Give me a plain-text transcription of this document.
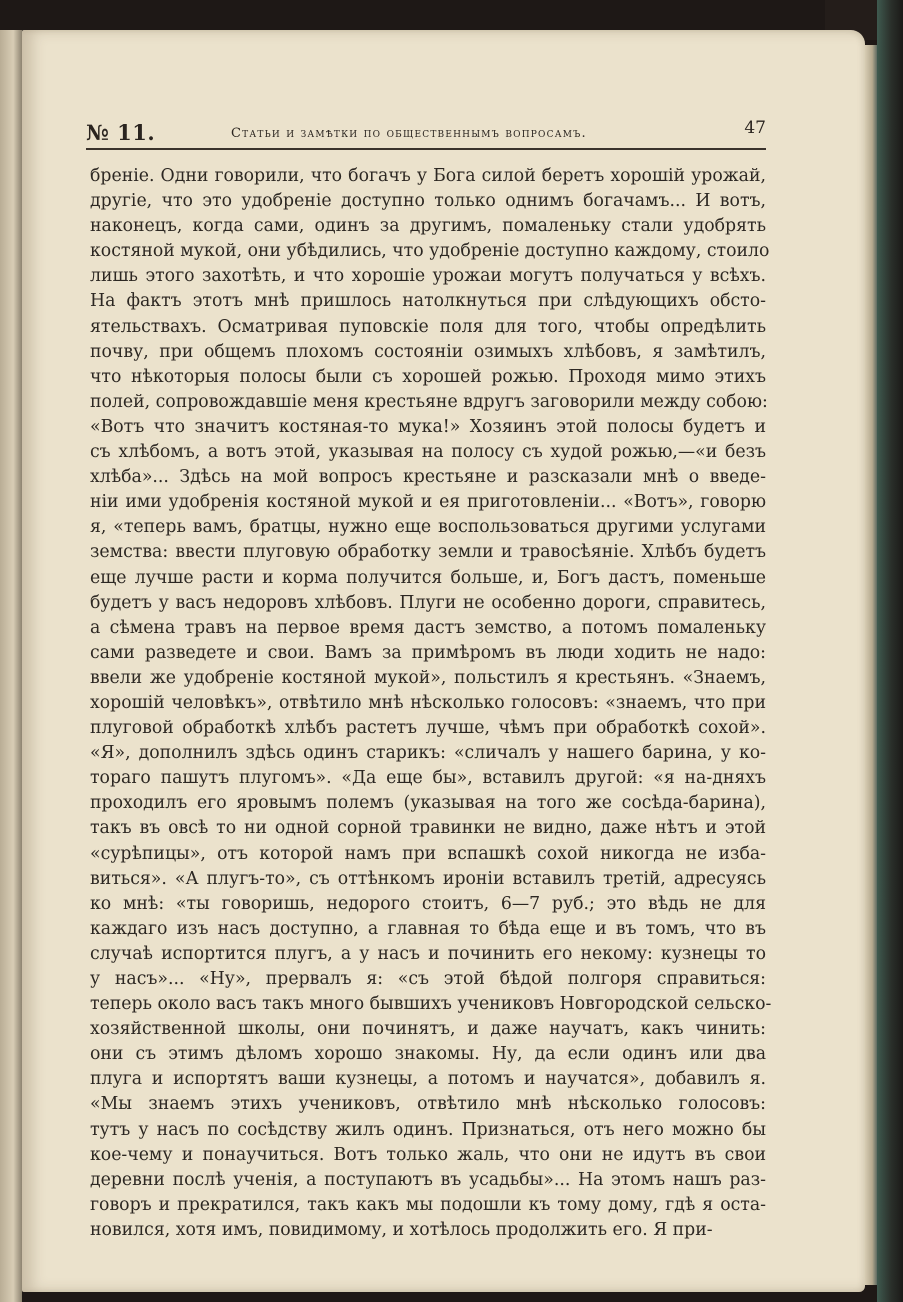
№ 11.	Статьи и замѣтки по общественнымъ вопросамъ.	47
бреніе. Одни говорили, что богачъ у Бога силой беретъ хорошій урожай,
другіе, что это удобреніе доступно только однимъ богачамъ... И вотъ,
наконецъ, когда сами, одинъ за другимъ, помаленьку стали удобрять
костяной мукой, они убѣдились, что удобреніе доступно каждому, стоило
лишь этого захотѣть, и что хорошіе урожаи могутъ получаться у всѣхъ.
На фактъ этотъ мнѣ пришлось натолкнуться при слѣдующихъ обсто-
ятельствахъ. Осматривая пуповскіе поля для того, чтобы опредѣлить
почву, при общемъ плохомъ состояніи озимыхъ хлѣбовъ, я замѣтилъ,
что нѣкоторыя полосы были съ хорошей рожью. Проходя мимо этихъ
полей, сопровождавшіе меня крестьяне вдругъ заговорили между собою:
«Вотъ что значитъ костяная-то мука!» Хозяинъ этой полосы будетъ и
съ хлѣбомъ, а вотъ этой, указывая на полосу съ худой рожью,—«и безъ
хлѣба»... Здѣсь на мой вопросъ крестьяне и разсказали мнѣ о введе-
ніи ими удобренія костяной мукой и ея приготовленіи... «Вотъ», говорю
я, «теперь вамъ, братцы, нужно еще воспользоваться другими услугами
земства: ввести плуговую обработку земли и травосѣяніе. Хлѣбъ будетъ
еще лучше расти и корма получится больше, и, Богъ дастъ, поменьше
будетъ у васъ недоровъ хлѣбовъ. Плуги не особенно дороги, справитесь,
а сѣмена травъ на первое время дастъ земство, а потомъ помаленьку
сами разведете и свои. Вамъ за примѣромъ въ люди ходить не надо:
ввели же удобреніе костяной мукой», польстилъ я крестьянъ. «Знаемъ,
хорошій человѣкъ», отвѣтило мнѣ нѣсколько голосовъ: «знаемъ, что при
плуговой обработкѣ хлѣбъ растетъ лучше, чѣмъ при обработкѣ сохой».
«Я», дополнилъ здѣсь одинъ старикъ: «сличалъ у нашего барина, у ко-
тораго пашутъ плугомъ». «Да еще бы», вставилъ другой: «я на-дняхъ
проходилъ его яровымъ полемъ (указывая на того же сосѣда-барина),
такъ въ овсѣ то ни одной сорной травинки не видно, даже нѣтъ и этой
«сурѣпицы», отъ которой намъ при вспашкѣ сохой никогда не изба-
виться». «А плугъ-то», съ оттѣнкомъ ироніи вставилъ третій, адресуясь
ко мнѣ: «ты говоришь, недорого стоитъ, 6—7 руб.; это вѣдь не для
каждаго изъ насъ доступно, а главная то бѣда еще и въ томъ, что въ
случаѣ испортится плугъ, а у насъ и починить его некому: кузнецы то
у насъ»... «Ну», прервалъ я: «съ этой бѣдой полгоря справиться:
теперь около васъ такъ много бывшихъ учениковъ Новгородской сельско-
хозяйственной школы, они починятъ, и даже научатъ, какъ чинить:
они съ этимъ дѣломъ хорошо знакомы. Ну, да если одинъ или два
плуга и испортятъ ваши кузнецы, а потомъ и научатся», добавилъ я.
«Мы знаемъ этихъ учениковъ, отвѣтило мнѣ нѣсколько голосовъ:
тутъ у насъ по сосѣдству жилъ одинъ. Признаться, отъ него можно бы
кое-чему и понаучиться. Вотъ только жаль, что они не идутъ въ свои
деревни послѣ ученія, а поступаютъ въ усадьбы»... На этомъ нашъ раз-
говоръ и прекратился, такъ какъ мы подошли къ тому дому, гдѣ я оста-
новился, хотя имъ, повидимому, и хотѣлось продолжить его. Я при-
